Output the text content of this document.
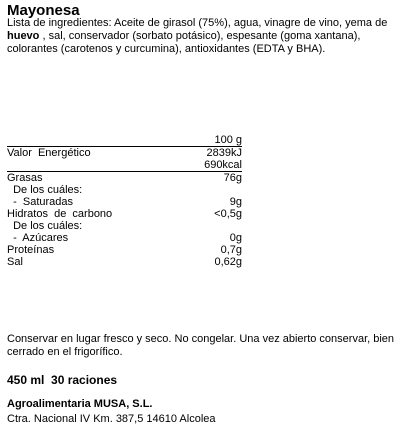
Mayonesa
Lista de ingredientes: Aceite de girasol (75%), agua, vinagre de vino, yema de huevo , sal, conservador (sorbato potásico), espesante (goma xantana), colorantes (carotenos y curcumina), antioxidantes (EDTA y BHA).
100 g
Valor  Energético	2839kJ
690kcal
Grasas	76g
De los cuáles:
-  Saturadas	9g
Hidratos  de  carbono	<0,5g
De los cuáles:
-  Azúcares	0g
Proteínas	0,7g
Sal	0,62g
Conservar en lugar fresco y seco. No congelar. Una vez abierto conservar, bien cerrado en el frigorífico.
450 ml  30 raciones
Agroalimentaria MUSA, S.L.
Ctra. Nacional IV Km. 387,5 14610 Alcolea
